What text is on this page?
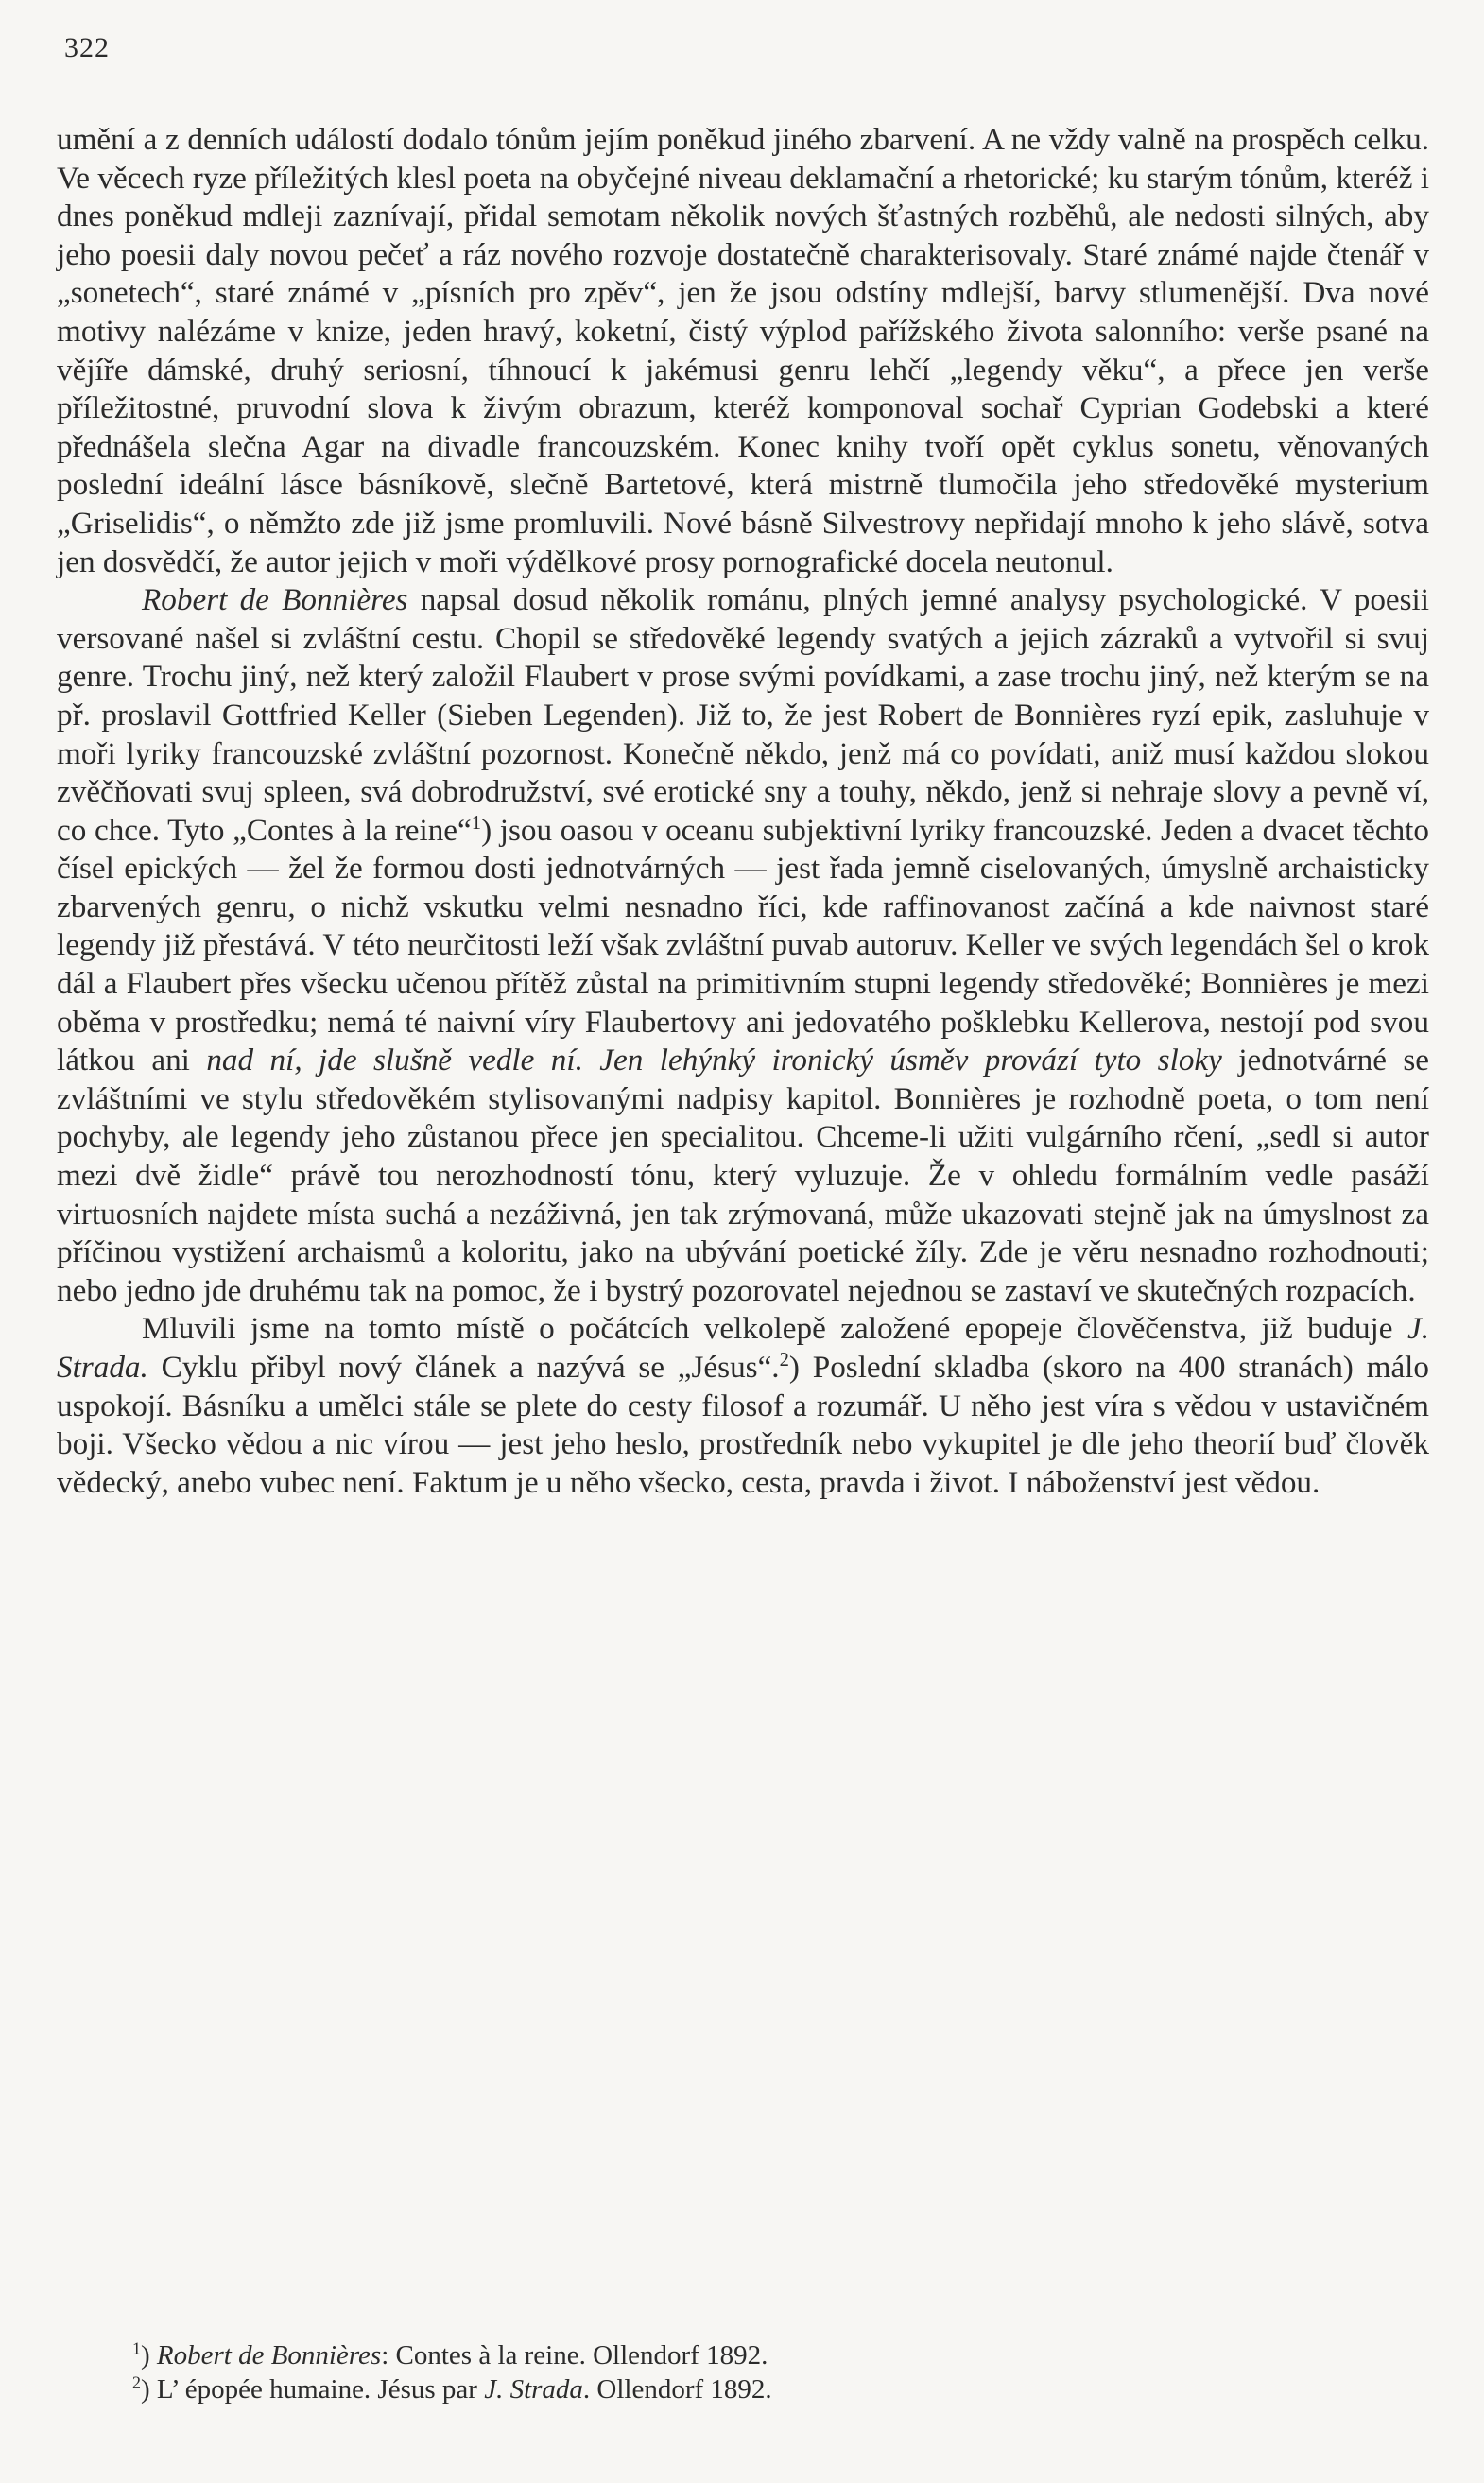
322

umění a z denních událostí dodalo tónům jejím poněkud jiného zbarvení. A ne vždy valně na prospěch celku. Ve věcech ryze příležitých klesl poeta na obyčejné niveau deklamační a rhetorické; ku starým tónům, kteréž i dnes poněkud mdleji zaznívají, přidal semotam několik nových šťastných rozběhů, ale nedosti silných, aby jeho poesii daly novou pečeť a ráz nového rozvoje dostatečně charakterisovaly. Staré známé najde čtenář v „sonetech“, staré známé v „písních pro zpěv“, jen že jsou odstíny mdlejší, barvy stlumenější. Dva nové motivy nalézáme v knize, jeden hravý, koketní, čistý výplod pařížského života salonního: verše psané na vějíře dámské, druhý seriosní, tíhnoucí k jakémusi genru lehčí „legendy věku“, a přece jen verše příležitostné, pruvodní slova k živým obrazum, kteréž komponoval sochař Cyprian Godebski a které přednášela slečna Agar na divadle francouzském. Konec knihy tvoří opět cyklus sonetu, věnovaných poslední ideální lásce básníkově, slečně Bartetové, která mistrně tlumočila jeho středověké mysterium „Griselidis“, o němžto zde již jsme promluvili. Nové básně Silvestrovy nepřidají mnoho k jeho slávě, sotva jen dosvědčí, že autor jejich v moři výdělkové prosy pornografické docela neutonul.

Robert de Bonnières napsal dosud několik románu, plných jemné analysy psychologické. V poesii versované našel si zvláštní cestu. Chopil se středověké legendy svatých a jejich zázraků a vytvořil si svuj genre. Trochu jiný, než který založil Flaubert v prose svými povídkami, a zase trochu jiný, než kterým se na př. proslavil Gottfried Keller (Sieben Legenden). Již to, že jest Robert de Bonnières ryzí epik, zasluhuje v moři lyriky francouzské zvláštní pozornost. Konečně někdo, jenž má co povídati, aniž musí každou slokou zvěčňovati svuj spleen, svá dobrodružství, své erotické sny a touhy, někdo, jenž si nehraje slovy a pevně ví, co chce. Tyto „Contes à la reine“$^1$) jsou oasou v oceanu subjektivní lyriky francouzské. Jeden a dvacet těchto čísel epických — žel že formou dosti jednotvárných — jest řada jemně ciselovaných, úmyslně archaisticky zbarvených genru, o nichž vskutku velmi nesnadno říci, kde raffinovanost začíná a kde naivnost staré legendy již přestává. V této neurčitosti leží však zvláštní puvab autoruv. Keller ve svých legendách šel o krok dál a Flaubert přes všecku učenou přítěž zůstal na primitivním stupni legendy středověké; Bonnières je mezi oběma v prostředku; nemá té naivní víry Flaubertovy ani jedovatého pošklebku Kellerova, nestojí pod svou látkou ani nad ní, jde slušně vedle ní. Jen lehýnký ironický úsměv provází tyto sloky jednotvárné se zvláštními ve stylu středověkém stylisovanými nadpisy kapitol. Bonnières je rozhodně poeta, o tom není pochyby, ale legendy jeho zůstanou přece jen specialitou. Chceme-li užiti vulgárního rčení, „sedl si autor mezi dvě židle“ právě tou nerozhodností tónu, který vyluzuje. Že v ohledu formálním vedle pasáží virtuosních najdete místa suchá a nezáživná, jen tak zrýmovaná, může ukazovati stejně jak na úmyslnost za příčinou vystižení archaismů a koloritu, jako na ubývání poetické žíly. Zde je věru nesnadno rozhodnouti; nebo jedno jde druhému tak na pomoc, že i bystrý pozorovatel nejednou se zastaví ve skutečných rozpacích.

Mluvili jsme na tomto místě o počátcích velkolepě založené epopeje člověčenstva, již buduje J. Strada. Cyklu přibyl nový článek a nazývá se „Jésus“.$^2$) Poslední skladba (skoro na 400 stranách) málo uspokojí. Básníku a umělci stále se plete do cesty filosof a rozumář. U něho jest víra s vědou v ustavičném boji. Všecko vědou a nic vírou — jest jeho heslo, prostředník nebo vykupitel je dle jeho theorií buď člověk vědecký, anebo vubec není. Faktum je u něho všecko, cesta, pravda i život. I náboženství jest vědou.

$^1$) Robert de Bonnières: Contes à la reine. Ollendorf 1892.

$^2$) L’ épopée humaine. Jésus par J. Strada. Ollendorf 1892.
